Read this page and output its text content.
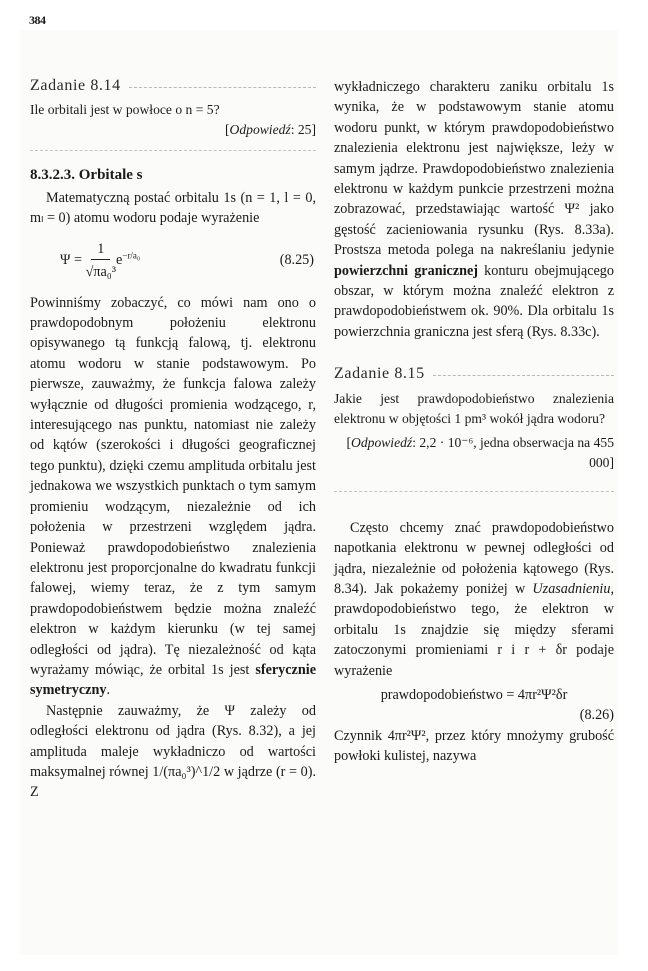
384
Zadanie 8.14

Ile orbitali jest w powłoce o n = 5?

[Odpowiedź: 25]

8.3.2.3. Orbitale s

Matematyczną postać orbitalu 1s (n = 1, l = 0, mₗ = 0) atomu wodoru podaje wyrażenie

$\Psi = \frac{1}{\text{√πa₀³}} e^{-r/a_0}$	(8.25)

Powinniśmy zobaczyć, co mówi nam ono o prawdopodobnym położeniu elektronu opisywanego tą funkcją falową, tj. elektronu atomu wodoru w stanie podstawowym. Po pierwsze, zauważmy, że funkcja falowa zależy wyłącznie od długości promienia wodzącego, r, interesującego nas punktu, natomiast nie zależy od kątów (szerokości i długości geograficznej tego punktu), dzięki czemu amplituda orbitalu jest jednakowa we wszystkich punktach o tym samym promieniu wodzącym, niezależnie od ich położenia w przestrzeni względem jądra. Ponieważ prawdopodobieństwo znalezienia elektronu jest proporcjonalne do kwadratu funkcji falowej, wiemy teraz, że z tym samym prawdopodobieństwem będzie można znaleźć elektron w każdym kierunku (w tej samej odległości od jądra). Tę niezależność od kąta wyrażamy mówiąc, że orbital 1s jest sferycznie symetryczny.

Następnie zauważmy, że Ψ zależy od odległości elektronu od jądra (Rys. 8.32), a jej amplituda maleje wykładniczo od wartości maksymalnej równej 1/(πa₀³)^1/2 w jądrze (r = 0). Z

wykładniczego charakteru zaniku orbitalu 1s wynika, że w podstawowym stanie atomu wodoru punkt, w którym prawdopodobieństwo znalezienia elektronu jest największe, leży w samym jądrze. Prawdopodobieństwo znalezienia elektronu w każdym punkcie przestrzeni można zobrazować, przedstawiając wartość Ψ² jako gęstość zacieniowania rysunku (Rys. 8.33a). Prostsza metoda polega na nakreślaniu jedynie powierzchni granicznej konturu obejmującego obszar, w którym można znaleźć elektron z prawdopodobieństwem ok. 90%. Dla orbitalu 1s powierzchnia graniczna jest sferą (Rys. 8.33c).

Zadanie 8.15

Jakie jest prawdopodobieństwo znalezienia elektronu w objętości 1 pm³ wokół jądra wodoru?

[Odpowiedź: 2,2 · 10⁻⁶, jedna obserwacja na 455 000]

Często chcemy znać prawdopodobieństwo napotkania elektronu w pewnej odległości od jądra, niezależnie od położenia kątowego (Rys. 8.34). Jak pokażemy poniżej w Uzasadnieniu, prawdopodobieństwo tego, że elektron w orbitalu 1s znajdzie się między sferami zatoczonymi promieniami r i r + δr podaje wyrażenie

prawdopodobieństwo = 4πr²Ψ²δr
(8.26)

Czynnik 4πr²Ψ², przez który mnożymy grubość powłoki kulistej, nazywa
